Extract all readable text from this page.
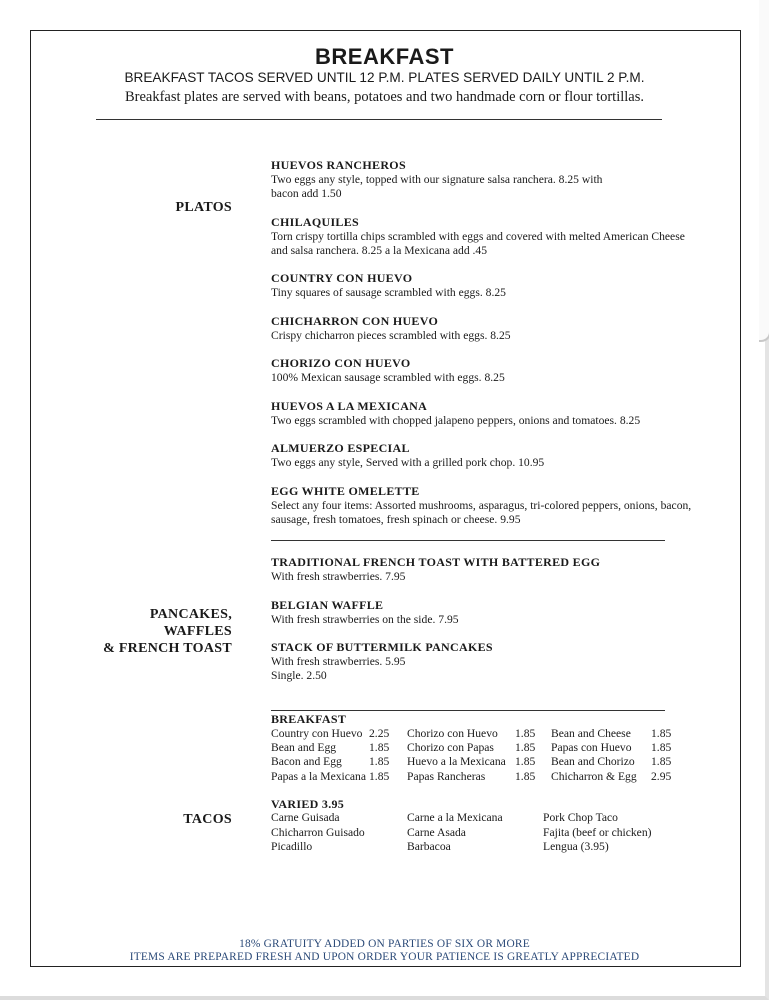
BREAKFAST
BREAKFAST TACOS SERVED UNTIL 12 P.M. PLATES SERVED DAILY UNTIL 2 P.M.
Breakfast plates are served with beans, potatoes and two handmade corn or flour tortillas.
PLATOS
HUEVOS RANCHEROS
Two eggs any style, topped with our signature salsa ranchera. 8.25 with
bacon add 1.50
CHILAQUILES
Torn crispy tortilla chips scrambled with eggs and covered with melted American Cheese
and salsa ranchera. 8.25 a la Mexicana add .45
COUNTRY CON HUEVO
Tiny squares of sausage scrambled with eggs. 8.25
CHICHARRON CON HUEVO
Crispy chicharron pieces scrambled with eggs. 8.25
CHORIZO CON HUEVO
100% Mexican sausage scrambled with eggs. 8.25
HUEVOS A LA MEXICANA
Two eggs scrambled with chopped jalapeno peppers, onions and tomatoes. 8.25
ALMUERZO ESPECIAL
Two eggs any style, Served with a grilled pork chop. 10.95
EGG WHITE OMELETTE
Select any four items: Assorted mushrooms, asparagus, tri-colored peppers, onions, bacon,
sausage, fresh tomatoes, fresh spinach or cheese. 9.95
PANCAKES,
WAFFLES
& FRENCH TOAST
TRADITIONAL FRENCH TOAST WITH BATTERED EGG
With fresh strawberries. 7.95
BELGIAN WAFFLE
With fresh strawberries on the side. 7.95
STACK OF BUTTERMILK PANCAKES
With fresh strawberries. 5.95
Single. 2.50
TACOS
BREAKFAST
Country con Huevo 2.25	Chorizo con Huevo	1.85	Bean and Cheese	1.85
Bean and Egg	1.85	Chorizo con Papas	1.85	Papas con Huevo	1.85
Bacon and Egg	1.85	Huevo a la Mexicana 1.85	Bean and Chorizo	1.85
Papas a la Mexicana 1.85	Papas Rancheras	1.85	Chicharron & Egg	2.95
VARIED 3.95
Carne Guisada	Carne a la Mexicana	Pork Chop Taco
Chicharron Guisado	Carne Asada	Fajita (beef or chicken)
Picadillo	Barbacoa	Lengua (3.95)
18% GRATUITY ADDED ON PARTIES OF SIX OR MORE
ITEMS ARE PREPARED FRESH AND UPON ORDER YOUR PATIENCE IS GREATLY APPRECIATED
